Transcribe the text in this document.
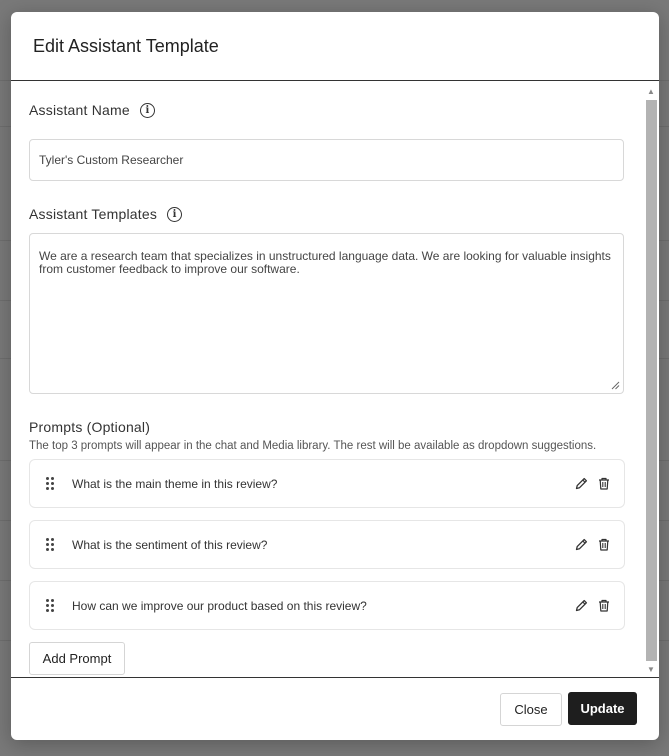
Edit Assistant Template
Assistant Name	i
Tyler's Custom Researcher
Assistant Templates	i
We are a research team that specializes in unstructured language data. We are looking for valuable insights from customer feedback to improve our software.
Prompts (Optional)
The top 3 prompts will appear in the chat and Media library. The rest will be available as dropdown suggestions.
What is the main theme in this review?
What is the sentiment of this review?
How can we improve our product based on this review?
Add Prompt
▲
▼
Close	Update
